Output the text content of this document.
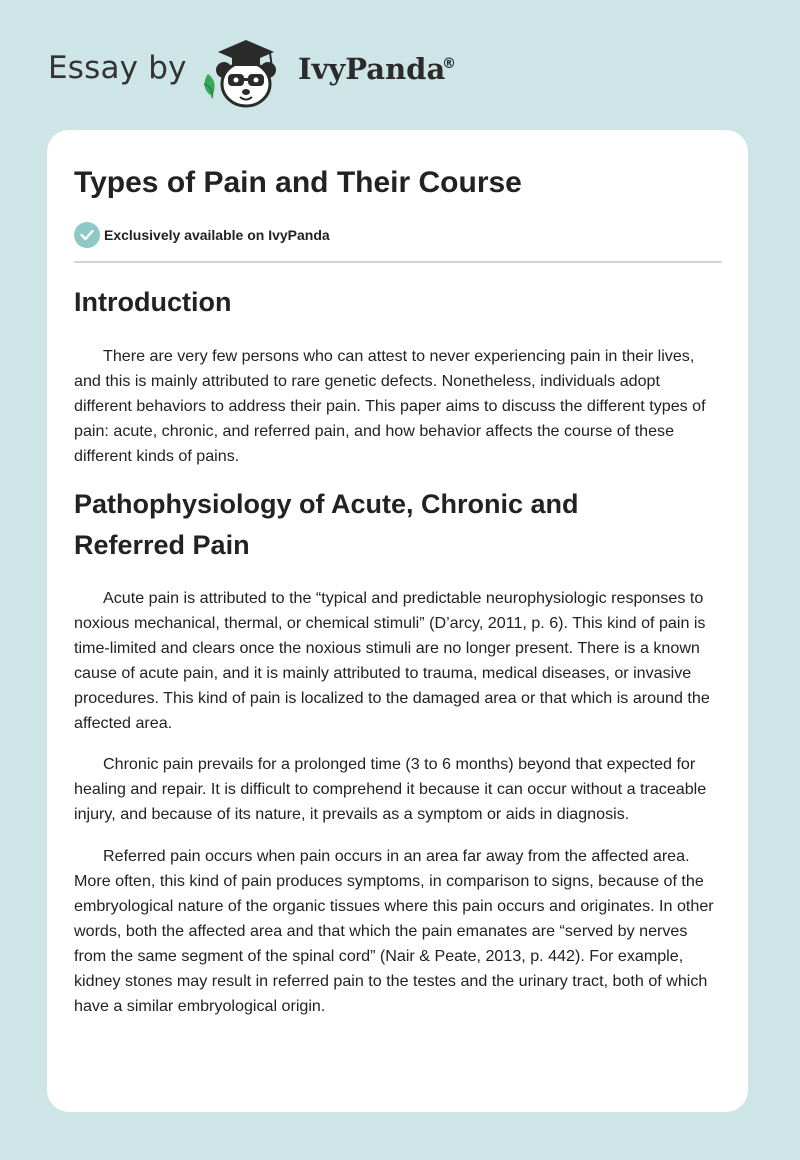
Essay by	IvyPanda
®
Types of Pain and Their Course
Exclusively available on IvyPanda
Introduction

There are very few persons who can attest to never experiencing pain in their lives, and this is mainly attributed to rare genetic defects. Nonetheless, individuals adopt different behaviors to address their pain. This paper aims to discuss the different types of pain: acute, chronic, and referred pain, and how behavior affects the course of these different kinds of pains.

Pathophysiology of Acute, Chronic and Referred Pain

Acute pain is attributed to the “typical and predictable neurophysiologic responses to noxious mechanical, thermal, or chemical stimuli” (D’arcy, 2011, p. 6). This kind of pain is time-limited and clears once the noxious stimuli are no longer present. There is a known cause of acute pain, and it is mainly attributed to trauma, medical diseases, or invasive procedures. This kind of pain is localized to the damaged area or that which is around the affected area.

Chronic pain prevails for a prolonged time (3 to 6 months) beyond that expected for healing and repair. It is difficult to comprehend it because it can occur without a traceable injury, and because of its nature, it prevails as a symptom or aids in diagnosis.

Referred pain occurs when pain occurs in an area far away from the affected area. More often, this kind of pain produces symptoms, in comparison to signs, because of the embryological nature of the organic tissues where this pain occurs and originates. In other words, both the affected area and that which the pain emanates are “served by nerves from the same segment of the spinal cord” (Nair & Peate, 2013, p. 442). For example, kidney stones may result in referred pain to the testes and the urinary tract, both of which have a similar embryological origin.
